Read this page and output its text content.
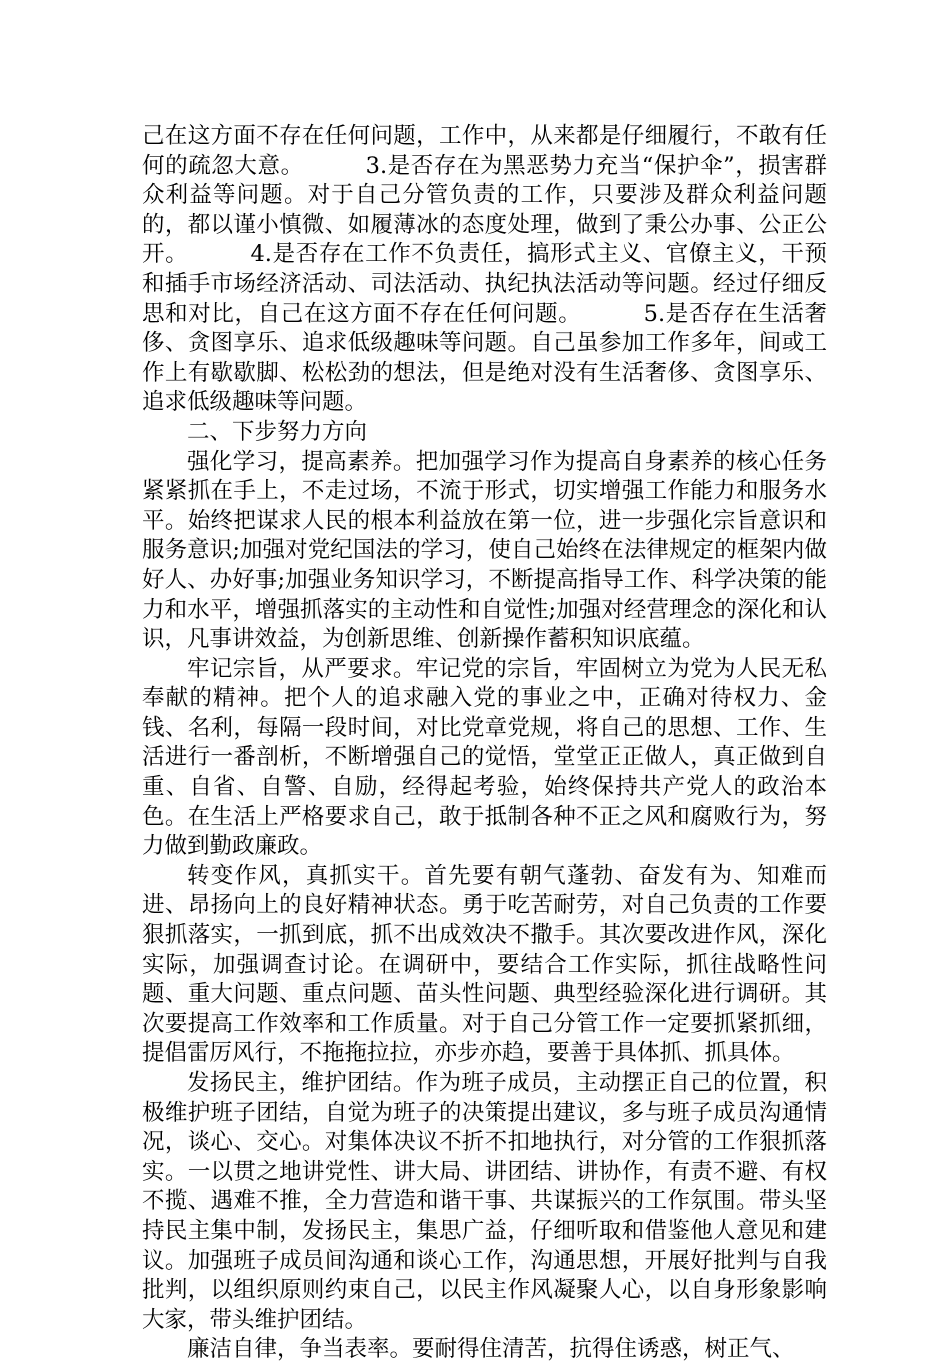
己在这方面不存在任何问题，工作中，从来都是仔细履行，不敢有任何的疏忽大意。        3.是否存在为黑恶势力充当“保护伞”，损害群众利益等问题。对于自己分管负责的工作，只要涉及群众利益问题的，都以谨小慎微、如履薄冰的态度处理，做到了秉公办事、公正公开。        4.是否存在工作不负责任，搞形式主义、官僚主义，干预和插手市场经济活动、司法活动、执纪执法活动等问题。经过仔细反思和对比，自己在这方面不存在任何问题。        5.是否存在生活奢侈、贪图享乐、追求低级趣味等问题。自己虽参加工作多年，间或工作上有歇歇脚、松松劲的想法，但是绝对没有生活奢侈、贪图享乐、追求低级趣味等问题。

二、下步努力方向

强化学习，提高素养。把加强学习作为提高自身素养的核心任务紧紧抓在手上，不走过场，不流于形式，切实增强工作能力和服务水平。始终把谋求人民的根本利益放在第一位，进一步强化宗旨意识和服务意识;加强对党纪国法的学习，使自己始终在法律规定的框架内做好人、办好事;加强业务知识学习，不断提高指导工作、科学决策的能力和水平，增强抓落实的主动性和自觉性;加强对经营理念的深化和认识，凡事讲效益，为创新思维、创新操作蓄积知识底蕴。

牢记宗旨，从严要求。牢记党的宗旨，牢固树立为党为人民无私奉献的精神。把个人的追求融入党的事业之中，正确对待权力、金钱、名利，每隔一段时间，对比党章党规，将自己的思想、工作、生活进行一番剖析，不断增强自己的觉悟，堂堂正正做人，真正做到自重、自省、自警、自励，经得起考验，始终保持共产党人的政治本色。在生活上严格要求自己，敢于抵制各种不正之风和腐败行为，努力做到勤政廉政。

转变作风，真抓实干。首先要有朝气蓬勃、奋发有为、知难而进、昂扬向上的良好精神状态。勇于吃苦耐劳，对自己负责的工作要狠抓落实，一抓到底，抓不出成效决不撒手。其次要改进作风，深化实际，加强调查讨论。在调研中，要结合工作实际，抓往战略性问题、重大问题、重点问题、苗头性问题、典型经验深化进行调研。其次要提高工作效率和工作质量。对于自己分管工作一定要抓紧抓细，提倡雷厉风行，不拖拖拉拉，亦步亦趋，要善于具体抓、抓具体。

发扬民主，维护团结。作为班子成员，主动摆正自己的位置，积极维护班子团结，自觉为班子的决策提出建议，多与班子成员沟通情况，谈心、交心。对集体决议不折不扣地执行，对分管的工作狠抓落实。一以贯之地讲党性、讲大局、讲团结、讲协作，有责不避、有权不揽、遇难不推，全力营造和谐干事、共谋振兴的工作氛围。带头坚持民主集中制，发扬民主，集思广益，仔细听取和借鉴他人意见和建议。加强班子成员间沟通和谈心工作，沟通思想，开展好批判与自我批判，以组织原则约束自己，以民主作风凝聚人心，以自身形象影响大家，带头维护团结。

廉洁自律，争当表率。要耐得住清苦，抗得住诱惑，树正气、
